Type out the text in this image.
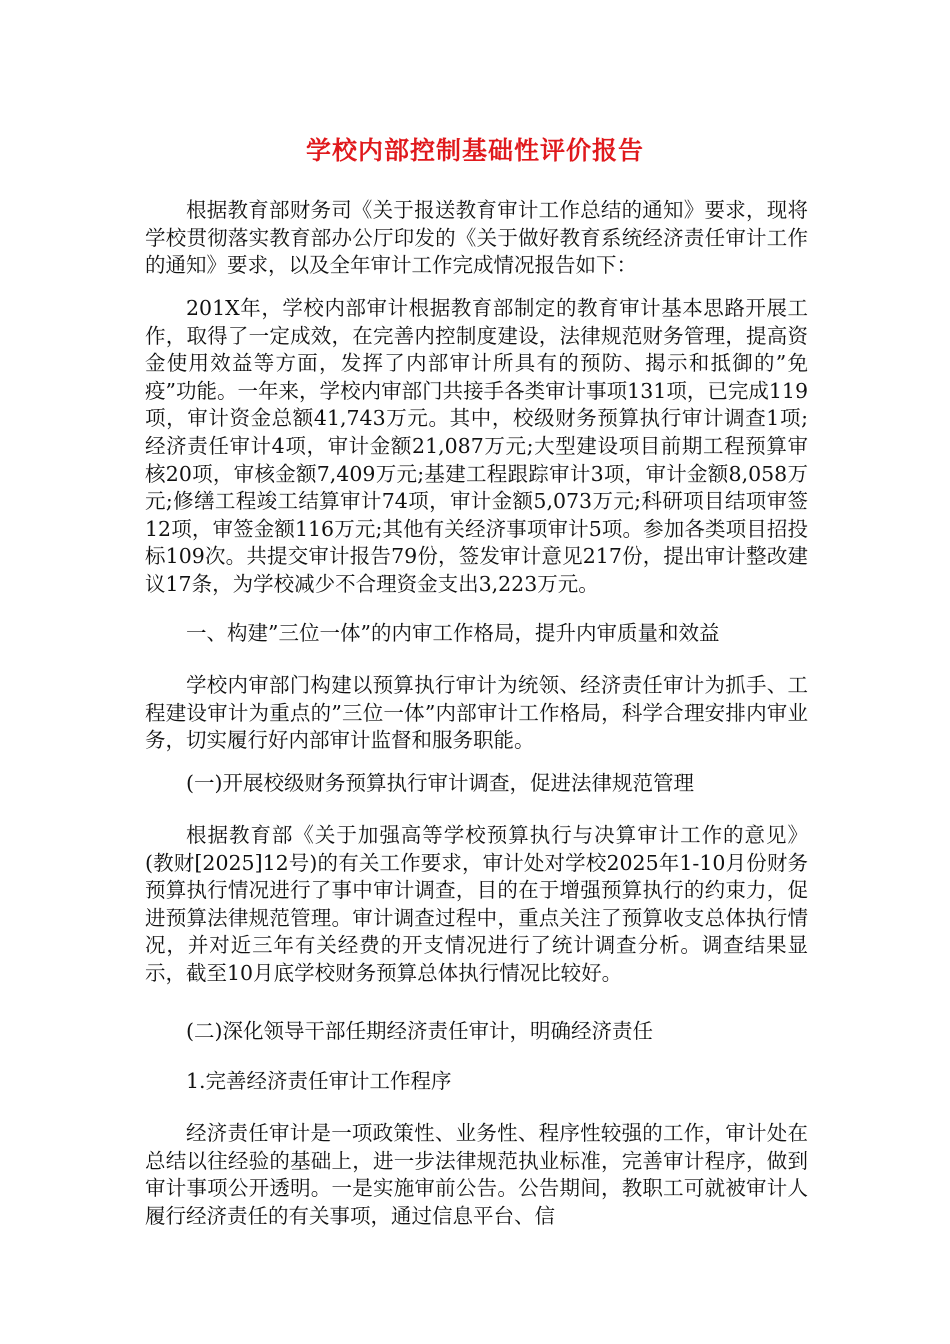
学校内部控制基础性评价报告

根据教育部财务司《关于报送教育审计工作总结的通知》要求，现将学校贯彻落实教育部办公厅印发的《关于做好教育系统经济责任审计工作的通知》要求，以及全年审计工作完成情况报告如下：

201X年，学校内部审计根据教育部制定的教育审计基本思路开展工作，取得了一定成效，在完善内控制度建设，法律规范财务管理，提高资金使用效益等方面，发挥了内部审计所具有的预防、揭示和抵御的”免疫”功能。一年来，学校内审部门共接手各类审计事项131项，已完成119项，审计资金总额41,743万元。其中，校级财务预算执行审计调查1项;经济责任审计4项，审计金额21,087万元;大型建设项目前期工程预算审核20项，审核金额7,409万元;基建工程跟踪审计3项，审计金额8,058万元;修缮工程竣工结算审计74项，审计金额5,073万元;科研项目结项审签12项，审签金额116万元;其他有关经济事项审计5项。参加各类项目招投标109次。共提交审计报告79份，签发审计意见217份，提出审计整改建议17条，为学校减少不合理资金支出3,223万元。

一、构建”三位一体”的内审工作格局，提升内审质量和效益

学校内审部门构建以预算执行审计为统领、经济责任审计为抓手、工程建设审计为重点的”三位一体”内部审计工作格局，科学合理安排内审业务，切实履行好内部审计监督和服务职能。

(一)开展校级财务预算执行审计调查，促进法律规范管理

根据教育部《关于加强高等学校预算执行与决算审计工作的意见》(教财[2025]12号)的有关工作要求，审计处对学校2025年1-10月份财务预算执行情况进行了事中审计调查，目的在于增强预算执行的约束力，促进预算法律规范管理。审计调查过程中，重点关注了预算收支总体执行情况，并对近三年有关经费的开支情况进行了统计调查分析。调查结果显示，截至10月底学校财务预算总体执行情况比较好。

(二)深化领导干部任期经济责任审计，明确经济责任

1.完善经济责任审计工作程序

经济责任审计是一项政策性、业务性、程序性较强的工作，审计处在总结以往经验的基础上，进一步法律规范执业标准，完善审计程序，做到审计事项公开透明。一是实施审前公告。公告期间，教职工可就被审计人履行经济责任的有关事项，通过信息平台、信
